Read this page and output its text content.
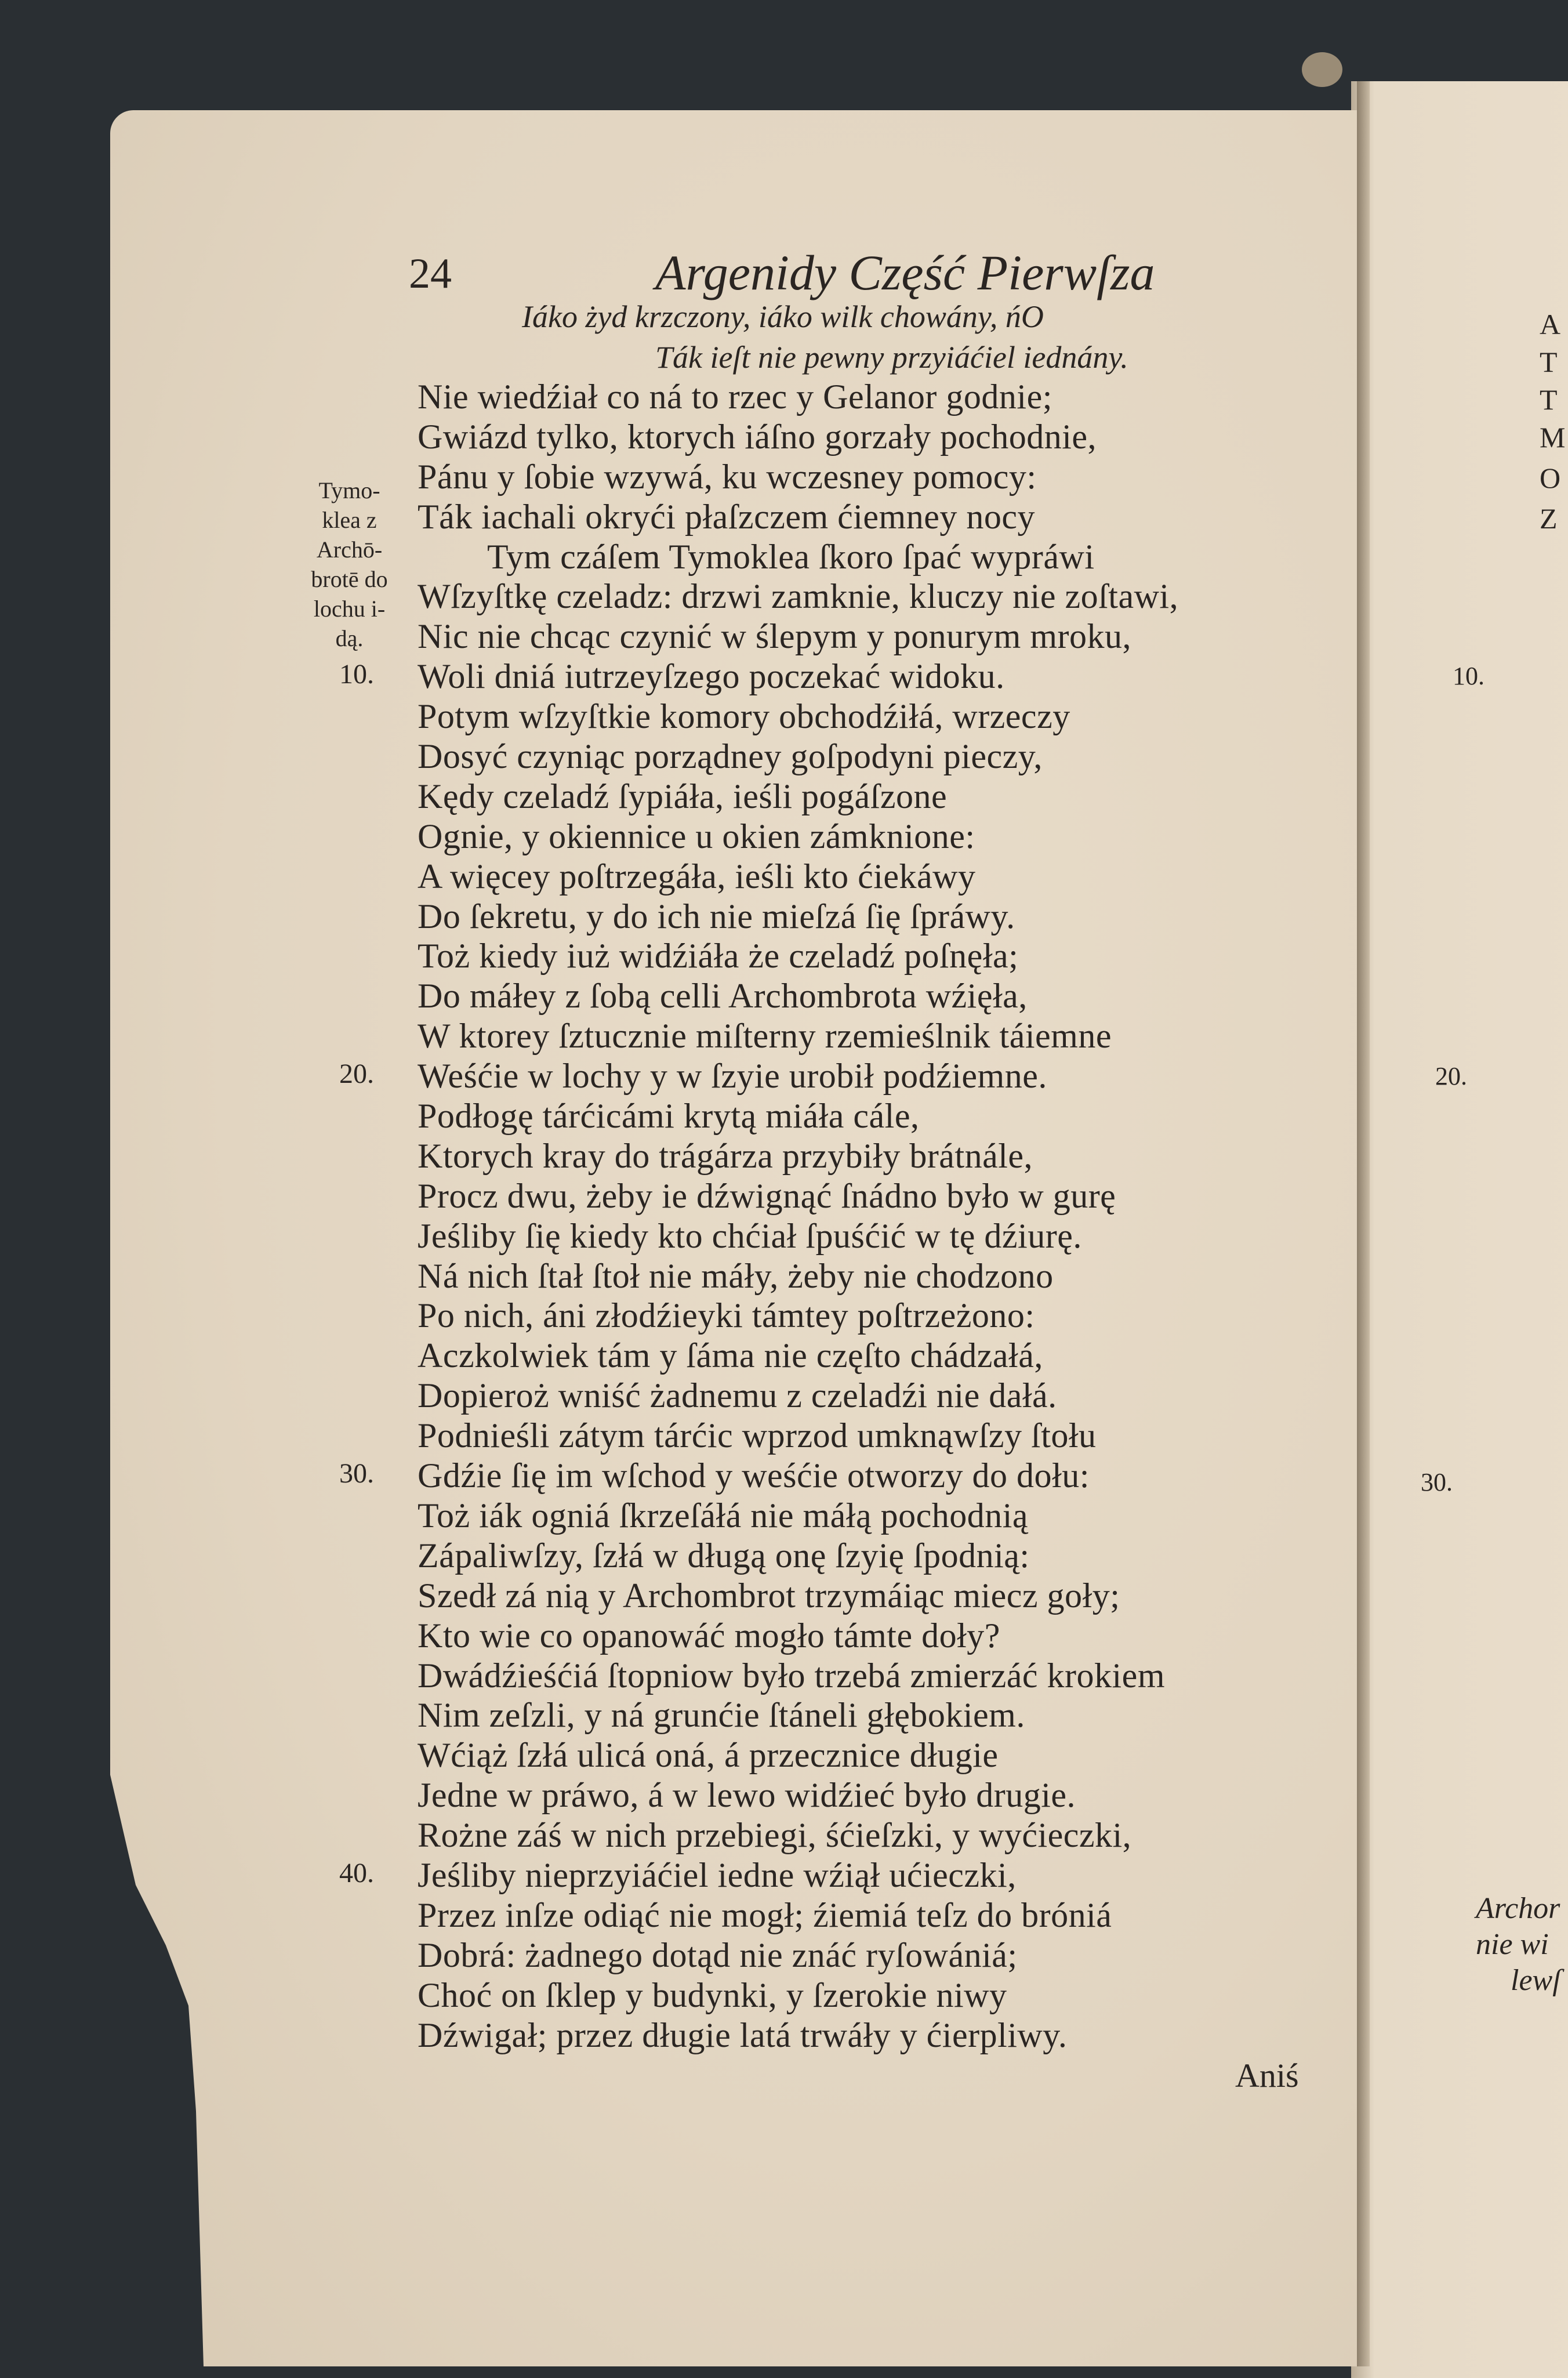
24	Argenidy Część Pierwſza
Iáko żyd krzczony, iáko wilk chowány, ńO
Ták ieſt nie pewny przyiáćiel iednány.
Tymo-
klea z
Archō-
brotē do
lochu i-
dą.
10.
20.
30.
40.
Nie wiedźiał co ná to rzec y Gelanor godnie;
Gwiázd tylko, ktorych iáſno gorzały pochodnie,
Pánu y ſobie wzywá, ku wczesney pomocy:
Ták iachali okryći płaſzczem ćiemney nocy
Tym czáſem Tymoklea ſkoro ſpać wypráwi
Wſzyſtkę czeladz: drzwi zamknie, kluczy nie zoſtawi,
Nic nie chcąc czynić w ślepym y ponurym mroku,
Woli dniá iutrzeyſzego poczekać widoku.
Potym wſzyſtkie komory obchodźiłá, wrzeczy
Dosyć czyniąc porządney goſpodyni pieczy,
Kędy czeladź ſypiáła, ieśli pogáſzone
Ognie, y okiennice u okien zámknione:
A więcey poſtrzegáła, ieśli kto ćiekáwy
Do ſekretu, y do ich nie mieſzá ſię ſpráwy.
Toż kiedy iuż widźiáła że czeladź poſnęła;
Do máłey z ſobą celli Archombrota wźięła,
W ktorey ſztucznie miſterny rzemieślnik táiemne
Weśćie w lochy y w ſzyie urobił podźiemne.
Podłogę tárćicámi krytą miáła cále,
Ktorych kray do trágárza przybiły brátnále,
Procz dwu, żeby ie dźwignąć ſnádno było w gurę
Jeśliby ſię kiedy kto chćiał ſpuśćić w tę dźiurę.
Ná nich ſtał ſtoł nie máły, żeby nie chodzono
Po nich, áni złodźieyki támtey poſtrzeżono:
Aczkolwiek tám y ſáma nie częſto chádzałá,
Dopieroż wniść żadnemu z czeladźi nie dałá.
Podnieśli zátym tárćic wprzod umknąwſzy ſtołu
Gdźie ſię im wſchod y weśćie otworzy do dołu:
Toż iák ogniá ſkrzeſáłá nie máłą pochodnią
Zápaliwſzy, ſzłá w długą onę ſzyię ſpodnią:
Szedł zá nią y Archombrot trzymáiąc miecz goły;
Kto wie co opanowáć mogło támte doły?
Dwádźieśćiá ſtopniow było trzebá zmierzáć krokiem
Nim zeſzli, y ná grunćie ſtáneli głębokiem.
Wćiąż ſzłá ulicá oná, á przecznice długie
Jedne w práwo, á w lewo widźieć było drugie.
Rożne záś w nich przebiegi, śćieſzki, y wyćieczki,
Jeśliby nieprzyiáćiel iedne wźiął ućieczki,
Przez inſze odiąć nie mogł; źiemiá teſz do bróniá
Dobrá: żadnego dotąd nie znáć ryſowániá;
Choć on ſklep y budynki, y ſzerokie niwy
Dźwigał; przez długie latá trwáły y ćierpliwy.
Aniś
A
T
T
M
O
Z
10.
20.
30.
Archor
nie wi
lewſ
